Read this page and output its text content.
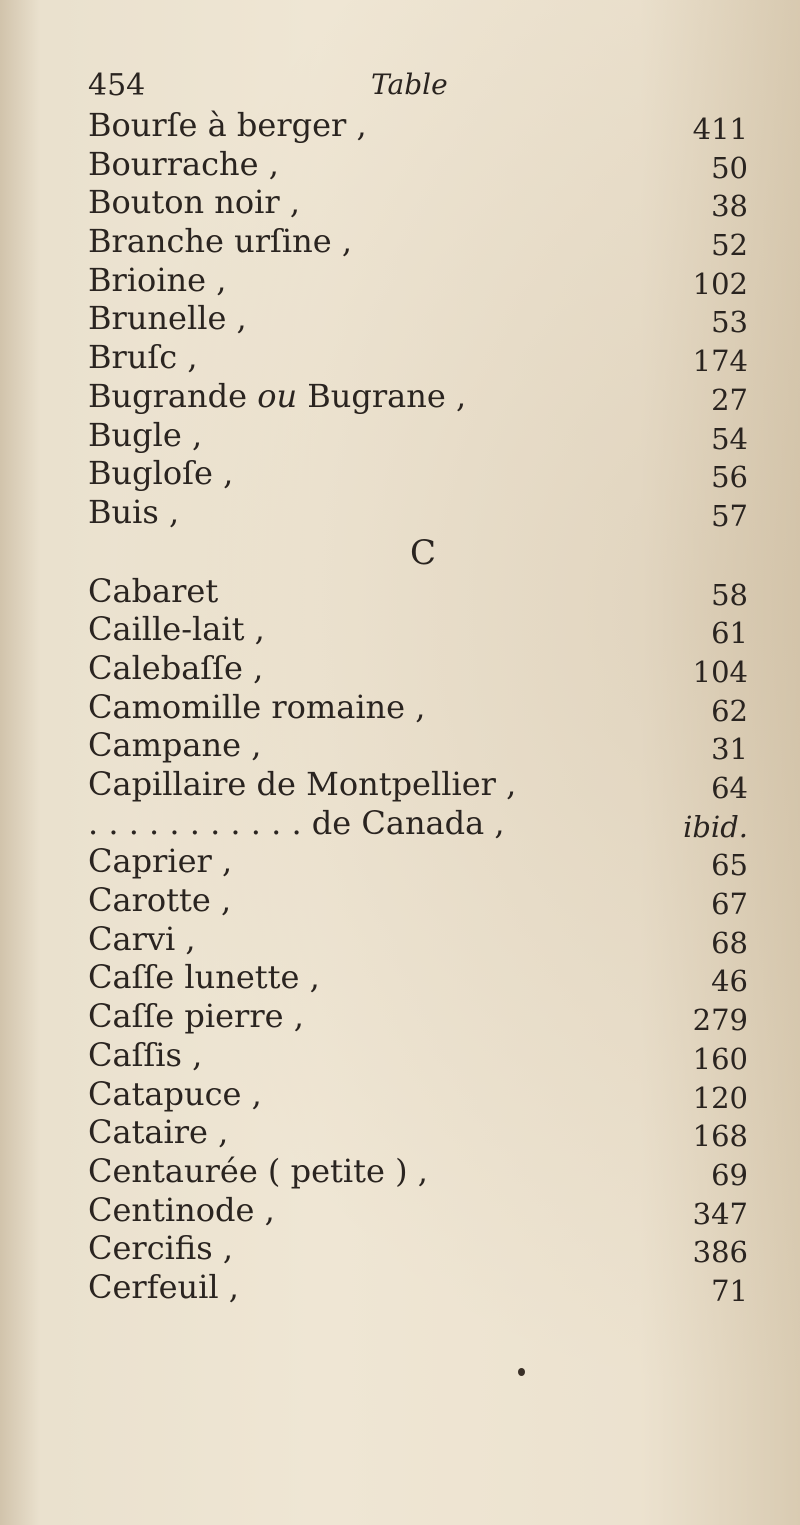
454	Table
Bourſe à berger ,	411
Bourrache ,	50
Bouton noir ,	38
Branche urſine ,	52
Brioine ,	102
Brunelle ,	53
Bruſc ,	174
Bugrande ou Bugrane ,	27
Bugle ,	54
Bugloſe ,	56
Buis ,	57
C
Cabaret	58
Caille-lait ,	61
Calebaſſe ,	104
Camomille romaine ,	62
Campane ,	31
Capillaire de Montpellier ,	64
. . . . . . . . . . . de Canada ,	ibid.
Caprier ,	65
Carotte ,	67
Carvi ,	68
Caſſe lunette ,	46
Caſſe pierre ,	279
Caſſis ,	160
Catapuce ,	120
Cataire ,	168
Centaurée ( petite ) ,	69
Centinode ,	347
Cercifis ,	386
Cerfeuil ,	71
